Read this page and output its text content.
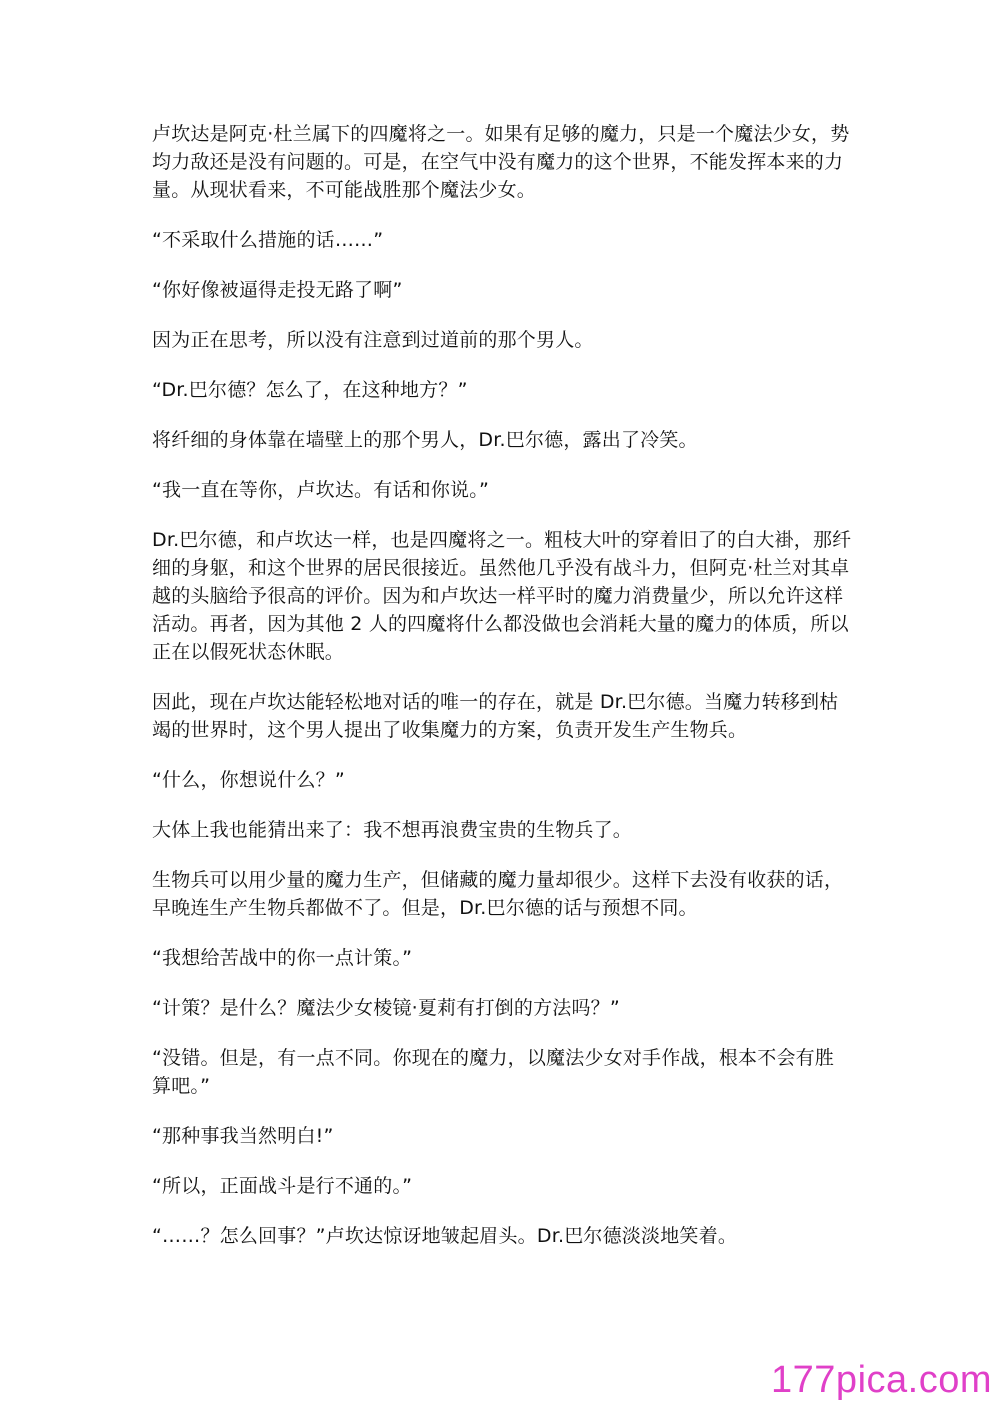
卢坎达是阿克·杜兰属下的四魔将之一。如果有足够的魔力，只是一个魔法少女，势均力敌还是没有问题的。可是，在空气中没有魔力的这个世界，不能发挥本来的力量。从现状看来，不可能战胜那个魔法少女。

“不采取什么措施的话……”

“你好像被逼得走投无路了啊”

因为正在思考，所以没有注意到过道前的那个男人。

“Dr.巴尔德？怎么了，在这种地方？”

将纤细的身体靠在墙壁上的那个男人，Dr.巴尔德，露出了冷笑。

“我一直在等你，卢坎达。有话和你说。”

Dr.巴尔德，和卢坎达一样，也是四魔将之一。粗枝大叶的穿着旧了的白大褂，那纤细的身躯，和这个世界的居民很接近。虽然他几乎没有战斗力，但阿克·杜兰对其卓越的头脑给予很高的评价。因为和卢坎达一样平时的魔力消费量少，所以允许这样活动。再者，因为其他 2 人的四魔将什么都没做也会消耗大量的魔力的体质，所以正在以假死状态休眠。

因此，现在卢坎达能轻松地对话的唯一的存在，就是 Dr.巴尔德。当魔力转移到枯竭的世界时，这个男人提出了收集魔力的方案，负责开发生产生物兵。

“什么，你想说什么？”

大体上我也能猜出来了：我不想再浪费宝贵的生物兵了。

生物兵可以用少量的魔力生产，但储藏的魔力量却很少。这样下去没有收获的话，早晚连生产生物兵都做不了。但是，Dr.巴尔德的话与预想不同。

“我想给苦战中的你一点计策。”

“计策？是什么？魔法少女棱镜·夏莉有打倒的方法吗？”

“没错。但是，有一点不同。你现在的魔力，以魔法少女对手作战，根本不会有胜算吧。”

“那种事我当然明白!”

“所以，正面战斗是行不通的。”

“……？怎么回事？”卢坎达惊讶地皱起眉头。Dr.巴尔德淡淡地笑着。

177pica.com
